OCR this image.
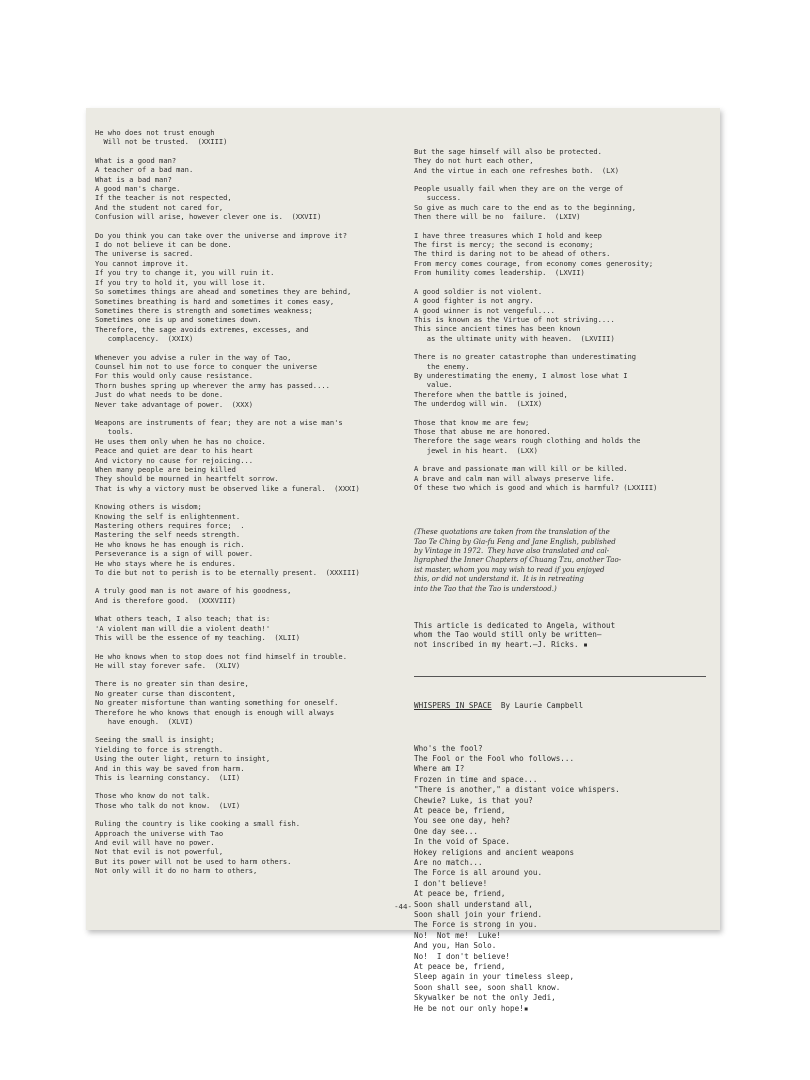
He who does not trust enough
Will not be trusted.  (XXIII)
What is a good man?
A teacher of a bad man.
What is a bad man?
A good man's charge.
If the teacher is not respected,
And the student not cared for,
Confusion will arise, however clever one is.  (XXVII)
Do you think you can take over the universe and improve it?
I do not believe it can be done.
The universe is sacred.
You cannot improve it.
If you try to change it, you will ruin it.
If you try to hold it, you will lose it.
So sometimes things are ahead and sometimes they are behind,
Sometimes breathing is hard and sometimes it comes easy,
Sometimes there is strength and sometimes weakness;
Sometimes one is up and sometimes down.
Therefore, the sage avoids extremes, excesses, and
complacency.  (XXIX)
Whenever you advise a ruler in the way of Tao,
Counsel him not to use force to conquer the universe
For this would only cause resistance.
Thorn bushes spring up wherever the army has passed....
Just do what needs to be done.
Never take advantage of power.  (XXX)
Weapons are instruments of fear; they are not a wise man's
tools.
He uses them only when he has no choice.
Peace and quiet are dear to his heart
And victory no cause for rejoicing...
When many people are being killed
They should be mourned in heartfelt sorrow.
That is why a victory must be observed like a funeral.  (XXXI)
Knowing others is wisdom;
Knowing the self is enlightenment.
Mastering others requires force;  .
Mastering the self needs strength.
He who knows he has enough is rich.
Perseverance is a sign of will power.
He who stays where he is endures.
To die but not to perish is to be eternally present.  (XXXIII)
A truly good man is not aware of his goodness,
And is therefore good.  (XXXVIII)
What others teach, I also teach; that is:
'A violent man will die a violent death!'
This will be the essence of my teaching.  (XLII)
He who knows when to stop does not find himself in trouble.
He will stay forever safe.  (XLIV)
There is no greater sin than desire,
No greater curse than discontent,
No greater misfortune than wanting something for oneself.
Therefore he who knows that enough is enough will always
have enough.  (XLVI)
Seeing the small is insight;
Yielding to force is strength.
Using the outer light, return to insight,
And in this way be saved from harm.
This is learning constancy.  (LII)
Those who know do not talk.
Those who talk do not know.  (LVI)
Ruling the country is like cooking a small fish.
Approach the universe with Tao
And evil will have no power.
Not that evil is not powerful,
But its power will not be used to harm others.
Not only will it do no harm to others,

But the sage himself will also be protected.
They do not hurt each other,
And the virtue in each one refreshes both.  (LX)
People usually fail when they are on the verge of
success.
So give as much care to the end as to the beginning,
Then there will be no  failure.  (LXIV)
I have three treasures which I hold and keep
The first is mercy; the second is economy;
The third is daring not to be ahead of others.
From mercy comes courage, from economy comes generosity;
From humility comes leadership.  (LXVII)
A good soldier is not violent.
A good fighter is not angry.
A good winner is not vengeful....
This is known as the Virtue of not striving....
This since ancient times has been known
as the ultimate unity with heaven.  (LXVIII)
There is no greater catastrophe than underestimating
the enemy.
By underestimating the enemy, I almost lose what I
value.
Therefore when the battle is joined,
The underdog will win.  (LXIX)
Those that know me are few;
Those that abuse me are honored.
Therefore the sage wears rough clothing and holds the
jewel in his heart.  (LXX)
A brave and passionate man will kill or be killed.
A brave and calm man will always preserve life.
Of these two which is good and which is harmful? (LXXIII)

(These quotations are taken from the translation of the
Tao Te Ching by Gia-fu Feng and Jane English, published
by Vintage in 1972.  They have also translated and cal-
ligraphed the Inner Chapters of Chuang Tzu, another Tao-
ist master, whom you may wish to read if you enjoyed
this, or did not understand it.  It is in retreating
into the Tao that the Tao is understood.)

This article is dedicated to Angela, without
whom the Tao would still only be written—
not inscribed in my heart.—J. Ricks. ▪

WHISPERS IN SPACE By Laurie Campbell

Who's the fool?
The Fool or the Fool who follows...
Where am I?
Frozen in time and space...
"There is another," a distant voice whispers.
Chewie? Luke, is that you?
At peace be, friend,
You see one day, heh?
One day see...
In the void of Space.
Hokey religions and ancient weapons
Are no match...
The Force is all around you.
I don't believe!
At peace be, friend,
Soon shall understand all,
Soon shall join your friend.
The Force is strong in you.
No!  Not me!  Luke!
And you, Han Solo.
No!  I don't believe!
At peace be, friend,
Sleep again in your timeless sleep,
Soon shall see, soon shall know.
Skywalker be not the only Jedi,
He be not our only hope!▪

-44-
